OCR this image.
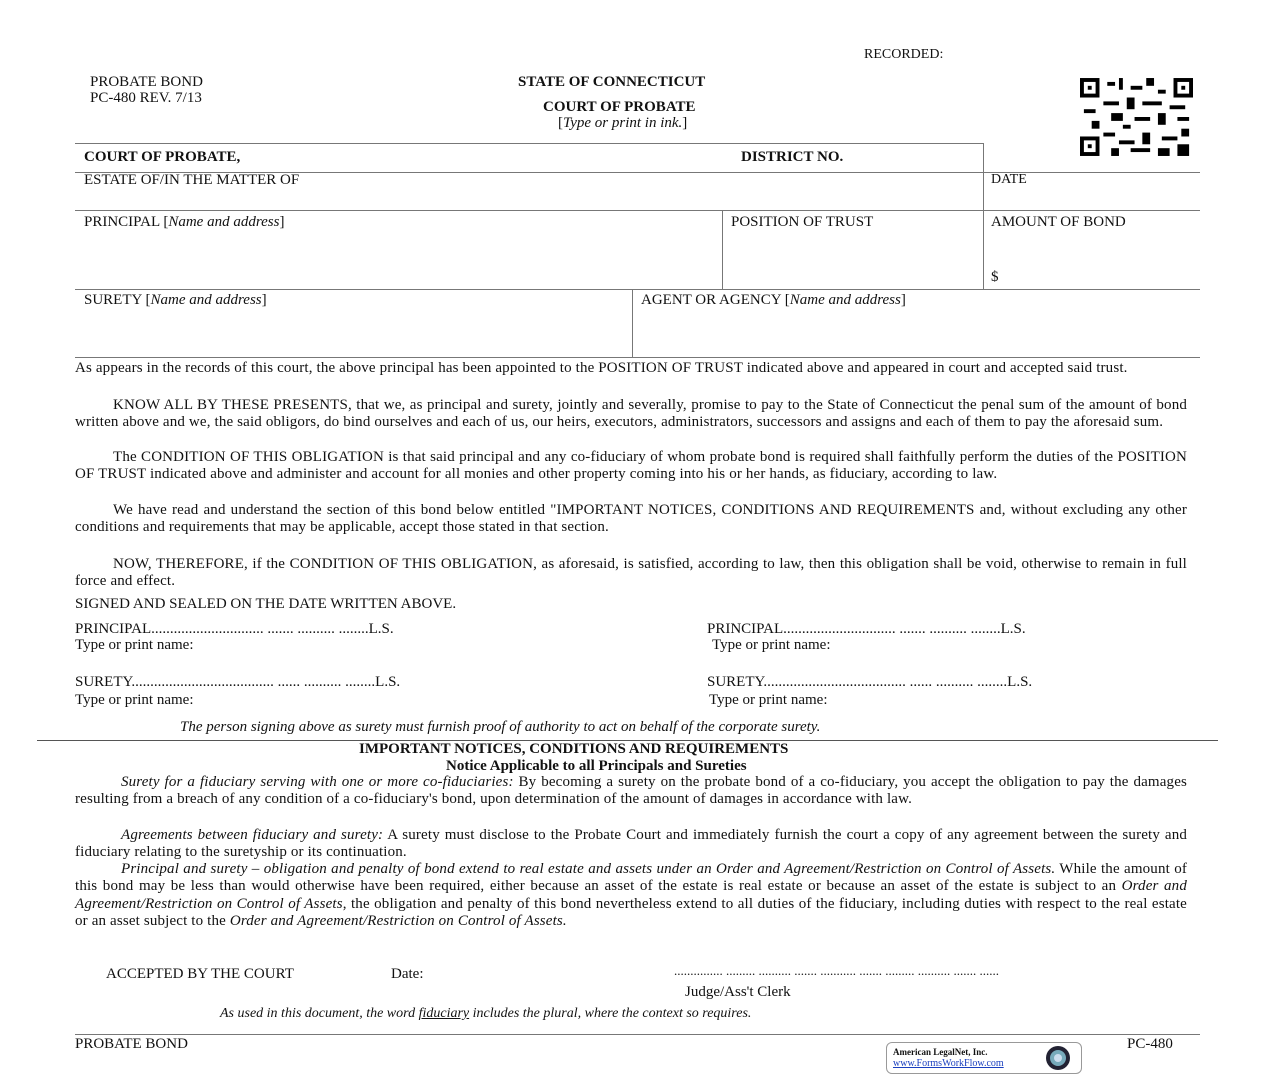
RECORDED:
PROBATE BOND
PC-480 REV. 7/13
STATE OF CONNECTICUT
COURT OF PROBATE
[Type or print in ink.]
COURT OF PROBATE,	DISTRICT NO.
ESTATE OF/IN THE MATTER OF	DATE
PRINCIPAL [Name and address]	POSITION OF TRUST	AMOUNT OF BOND
$
SURETY [Name and address]	AGENT OR AGENCY [Name and address]
As appears in the records of this court, the above principal has been appointed to the POSITION OF TRUST indicated above and appeared in court and accepted said trust.
KNOW ALL BY THESE PRESENTS, that we, as principal and surety, jointly and severally, promise to pay to the State of Connecticut the penal sum of the amount of bond written above and we, the said obligors, do bind ourselves and each of us, our heirs, executors, administrators, successors and assigns and each of them to pay the aforesaid sum.
The CONDITION OF THIS OBLIGATION is that said principal and any co-fiduciary of whom probate bond is required shall faithfully perform the duties of the POSITION OF TRUST indicated above and administer and account for all monies and other property coming into his or her hands, as fiduciary, according to law.
We have read and understand the section of this bond below entitled "IMPORTANT NOTICES, CONDITIONS AND REQUIREMENTS and, without excluding any other conditions and requirements that may be applicable, accept those stated in that section.
NOW, THEREFORE, if the CONDITION OF THIS OBLIGATION, as aforesaid, is satisfied, according to law, then this obligation shall be void, otherwise to remain in full force and effect.
SIGNED AND SEALED ON THE DATE WRITTEN ABOVE.
PRINCIPAL.............................. ....... .......... ........L.S.
Type or print name:
PRINCIPAL.............................. ....... .......... ........L.S.
Type or print name:
SURETY...................................... ...... .......... ........L.S.
Type or print name:
SURETY...................................... ...... .......... ........L.S.
Type or print name:
The person signing above as surety must furnish proof of authority to act on behalf of the corporate surety.
IMPORTANT NOTICES, CONDITIONS AND REQUIREMENTS
Notice Applicable to all Principals and Sureties
Surety for a fiduciary serving with one or more co-fiduciaries: By becoming a surety on the probate bond of a co-fiduciary, you accept the obligation to pay the damages resulting from a breach of any condition of a co-fiduciary's bond, upon determination of the amount of damages in accordance with law.
Agreements between fiduciary and surety: A surety must disclose to the Probate Court and immediately furnish the court a copy of any agreement between the surety and fiduciary relating to the suretyship or its continuation.
Principal and surety – obligation and penalty of bond extend to real estate and assets under an Order and Agreement/Restriction on Control of Assets. While the amount of this bond may be less than would otherwise have been required, either because an asset of the estate is real estate or because an asset of the estate is subject to an Order and Agreement/Restriction on Control of Assets, the obligation and penalty of this bond nevertheless extend to all duties of the fiduciary, including duties with respect to the real estate or an asset subject to the Order and Agreement/Restriction on Control of Assets.
ACCEPTED BY THE COURT	Date:	............... ......... .......... ....... ........... ....... ......... .......... ....... ......
Judge/Ass't Clerk
As used in this document, the word fiduciary includes the plural, where the context so requires.
PROBATE BOND	PC-480
American LegalNet, Inc.
www.FormsWorkFlow.com
